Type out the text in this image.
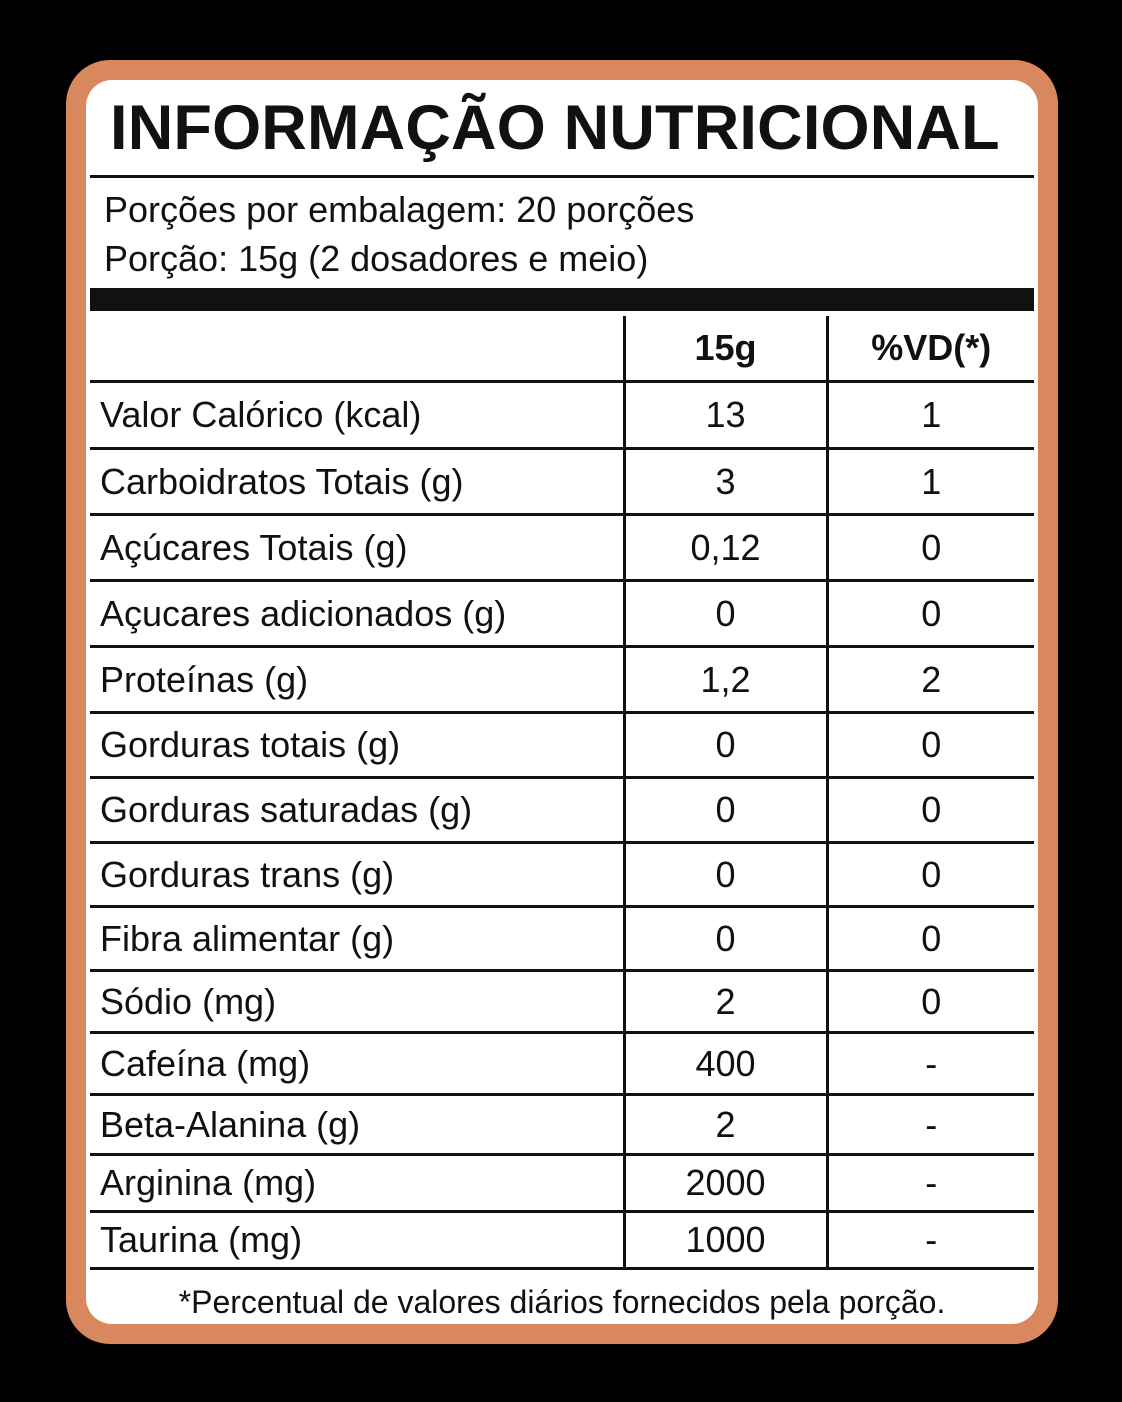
INFORMAÇÃO NUTRICIONAL
Porções por embalagem: 20 porções
Porção: 15g (2 dosadores e meio)
	15g	%VD(*)
Valor Calórico (kcal)	13	1
Carboidratos Totais (g)	3	1
Açúcares Totais (g)	0,12	0
Açucares adicionados (g)	0	0
Proteínas (g)	1,2	2
Gorduras totais (g)	0	0
Gorduras saturadas (g)	0	0
Gorduras trans (g)	0	0
Fibra alimentar (g)	0	0
Sódio (mg)	2	0
Cafeína (mg)	400	-
Beta-Alanina (g)	2	-
Arginina (mg)	2000	-
Taurina (mg)	1000	-
*Percentual de valores diários fornecidos pela porção.
